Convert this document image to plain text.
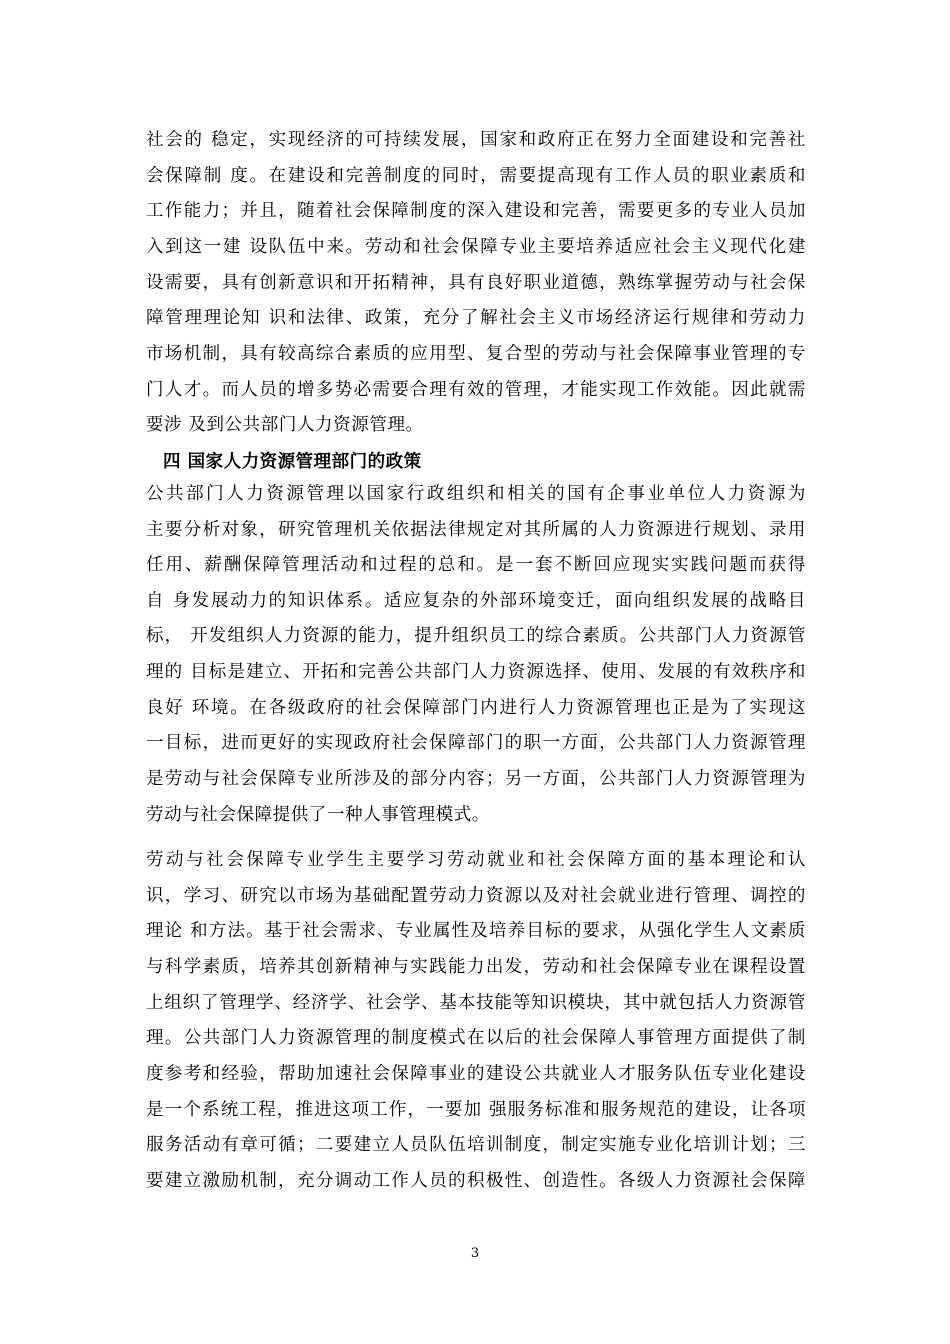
社会的 稳定，实现经济的可持续发展，国家和政府正在努力全面建设和完善社
会保障制 度。在建设和完善制度的同时，需要提高现有工作人员的职业素质和
工作能力；并且，随着社会保障制度的深入建设和完善，需要更多的专业人员加
入到这一建 设队伍中来。劳动和社会保障专业主要培养适应社会主义现代化建
设需要，具有创新意识和开拓精神，具有良好职业道德，熟练掌握劳动与社会保
障管理理论知 识和法律、政策，充分了解社会主义市场经济运行规律和劳动力
市场机制，具有较高综合素质的应用型、复合型的劳动与社会保障事业管理的专
门人才。而人员的增多势必需要合理有效的管理，才能实现工作效能。因此就需
要涉 及到公共部门人力资源管理。
四 国家人力资源管理部门的政策
公共部门人力资源管理以国家行政组织和相关的国有企事业单位人力资源为
主要分析对象，研究管理机关依据法律规定对其所属的人力资源进行规划、录用
任用、薪酬保障管理活动和过程的总和。是一套不断回应现实实践问题而获得
自 身发展动力的知识体系。适应复杂的外部环境变迁，面向组织发展的战略目
标， 开发组织人力资源的能力，提升组织员工的综合素质。公共部门人力资源管
理的 目标是建立、开拓和完善公共部门人力资源选择、使用、发展的有效秩序和
良好 环境。在各级政府的社会保障部门内进行人力资源管理也正是为了实现这
一目标，进而更好的实现政府社会保障部门的职一方面，公共部门人力资源管理
是劳动与社会保障专业所涉及的部分内容；另一方面，公共部门人力资源管理为
劳动与社会保障提供了一种人事管理模式。
劳动与社会保障专业学生主要学习劳动就业和社会保障方面的基本理论和认
识，学习、研究以市场为基础配置劳动力资源以及对社会就业进行管理、调控的
理论 和方法。基于社会需求、专业属性及培养目标的要求，从强化学生人文素质
与科学素质，培养其创新精神与实践能力出发，劳动和社会保障专业在课程设置
上组织了管理学、经济学、社会学、基本技能等知识模块，其中就包括人力资源管
理。公共部门人力资源管理的制度模式在以后的社会保障人事管理方面提供了制
度参考和经验，帮助加速社会保障事业的建设公共就业人才服务队伍专业化建设
是一个系统工程，推进这项工作，一要加 强服务标准和服务规范的建设，让各项
服务活动有章可循；二要建立人员队伍培训制度，制定实施专业化培训计划；三
要建立激励机制，充分调动工作人员的积极性、创造性。各级人力资源社会保障
3
